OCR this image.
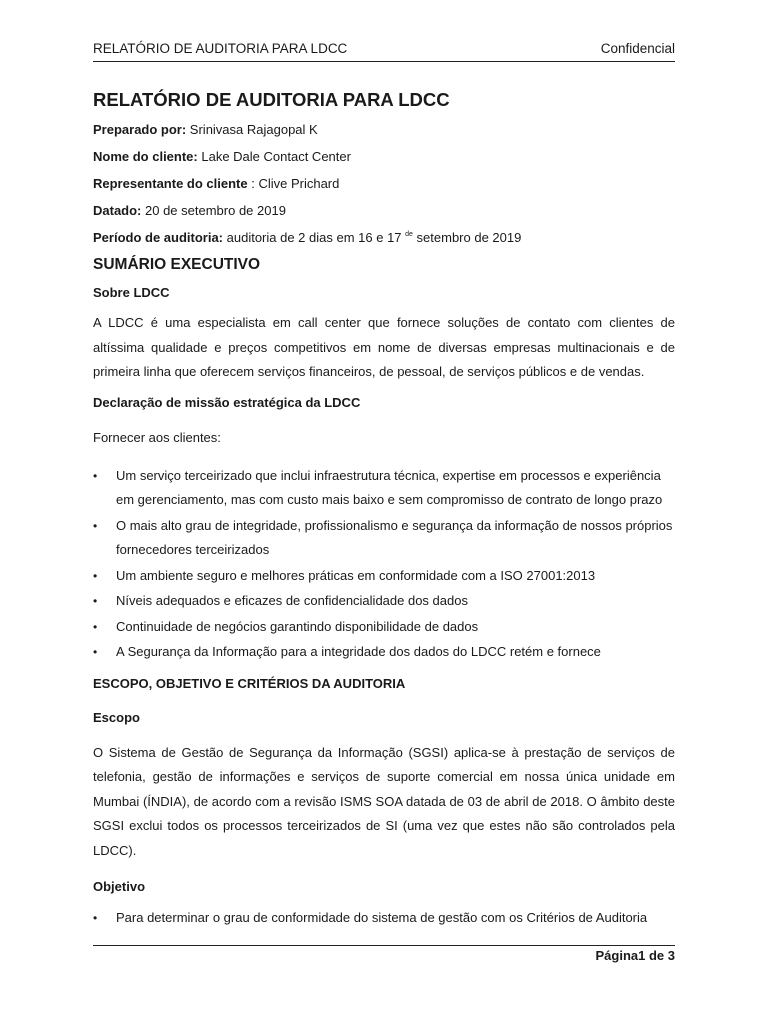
RELATÓRIO DE AUDITORIA PARA LDCC	Confidencial
RELATÓRIO DE AUDITORIA PARA LDCC
Preparado por: Srinivasa Rajagopal K
Nome do cliente: Lake Dale Contact Center
Representante do cliente : Clive Prichard
Datado: 20 de setembro de 2019
Período de auditoria: auditoria de 2 dias em 16 e 17 $^{de}$ setembro de 2019
SUMÁRIO EXECUTIVO
Sobre LDCC
A LDCC é uma especialista em call center que fornece soluções de contato com clientes de altíssima qualidade e preços competitivos em nome de diversas empresas multinacionais e de primeira linha que oferecem serviços financeiros, de pessoal, de serviços públicos e de vendas.
Declaração de missão estratégica da LDCC
Fornecer aos clientes:
• Um serviço terceirizado que inclui infraestrutura técnica, expertise em processos e experiência em gerenciamento, mas com custo mais baixo e sem compromisso de contrato de longo prazo
• O mais alto grau de integridade, profissionalismo e segurança da informação de nossos próprios fornecedores terceirizados
• Um ambiente seguro e melhores práticas em conformidade com a ISO 27001:2013
• Níveis adequados e eficazes de confidencialidade dos dados
• Continuidade de negócios garantindo disponibilidade de dados
• A Segurança da Informação para a integridade dos dados do LDCC retém e fornece
ESCOPO, OBJETIVO E CRITÉRIOS DA AUDITORIA
Escopo
O Sistema de Gestão de Segurança da Informação (SGSI) aplica-se à prestação de serviços de telefonia, gestão de informações e serviços de suporte comercial em nossa única unidade em Mumbai (ÍNDIA), de acordo com a revisão ISMS SOA datada de 03 de abril de 2018. O âmbito deste SGSI exclui todos os processos terceirizados de SI (uma vez que estes não são controlados pela LDCC).
Objetivo
• Para determinar o grau de conformidade do sistema de gestão com os Critérios de Auditoria
Página1 de 3
